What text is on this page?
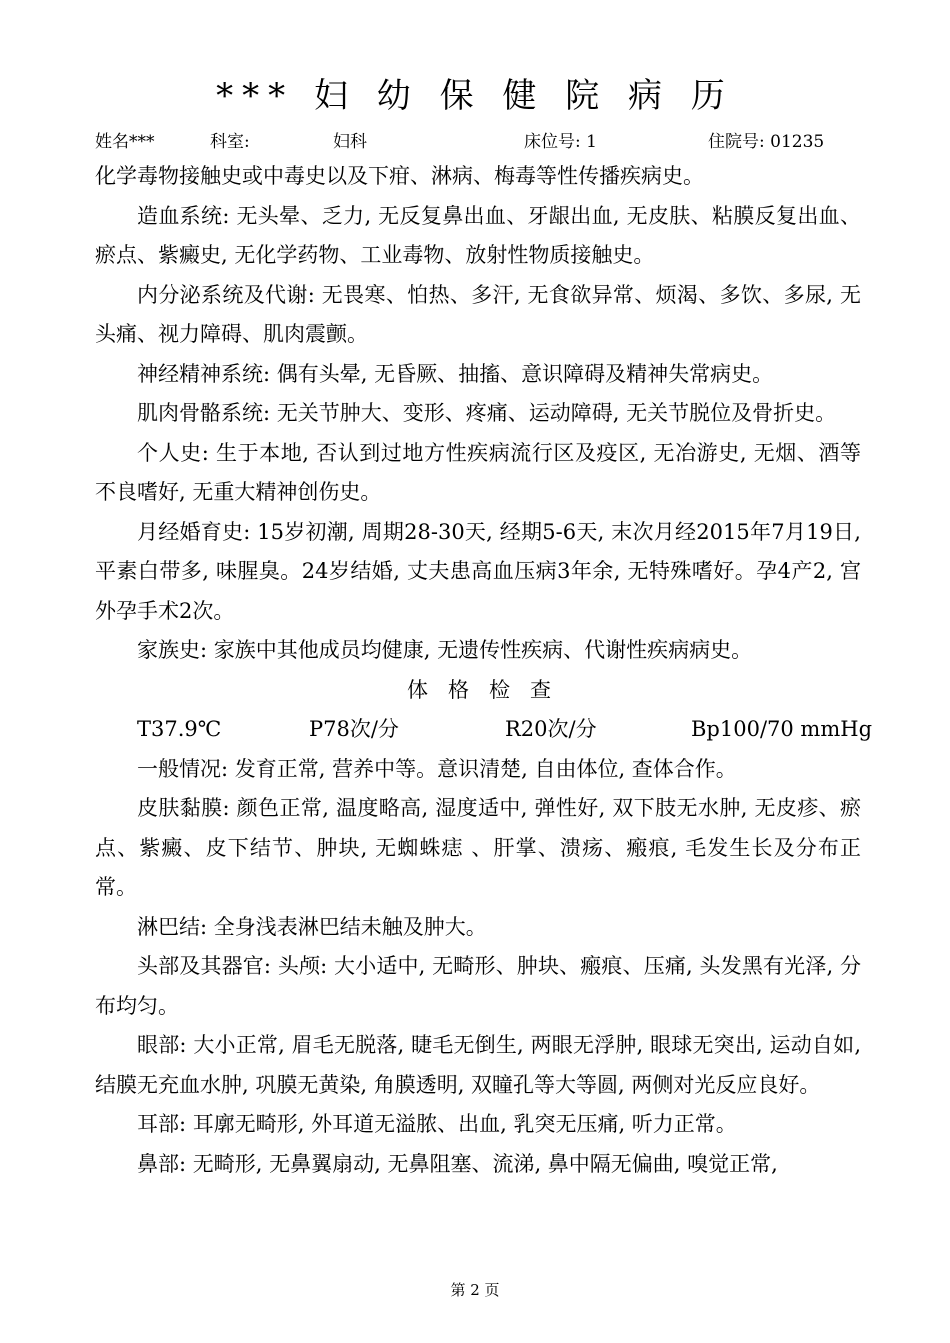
*** 妇 幼 保 健 院 病 历
姓名***	科室:	妇科	床位号: 1	住院号: 01235

化学毒物接触史或中毒史以及下疳、淋病、梅毒等性传播疾病史。

造血系统: 无头晕、乏力, 无反复鼻出血、牙龈出血, 无皮肤、粘膜反复出血、瘀点、紫癜史, 无化学药物、工业毒物、放射性物质接触史。

内分泌系统及代谢: 无畏寒、怕热、多汗, 无食欲异常、烦渴、多饮、多尿, 无头痛、视力障碍、肌肉震颤。

神经精神系统: 偶有头晕, 无昏厥、抽搐、意识障碍及精神失常病史。

肌肉骨骼系统: 无关节肿大、变形、疼痛、运动障碍, 无关节脱位及骨折史。

个人史: 生于本地, 否认到过地方性疾病流行区及疫区, 无冶游史, 无烟、酒等不良嗜好, 无重大精神创伤史。

月经婚育史: 15岁初潮, 周期28-30天, 经期5-6天, 末次月经2015年7月19日, 平素白带多, 味腥臭。24岁结婚, 丈夫患高血压病3年余, 无特殊嗜好。孕4产2, 宫外孕手术2次。

家族史: 家族中其他成员均健康, 无遗传性疾病、代谢性疾病病史。

体格检查

T37.9℃	P78次/分	R20次/分	Bp100/70 mmHg

一般情况: 发育正常, 营养中等。意识清楚, 自由体位, 查体合作。

皮肤黏膜: 颜色正常, 温度略高, 湿度适中, 弹性好, 双下肢无水肿, 无皮疹、瘀点、紫癜、皮下结节、肿块, 无蜘蛛痣 、肝掌、溃疡、瘢痕, 毛发生长及分布正常。

淋巴结: 全身浅表淋巴结未触及肿大。

头部及其器官: 头颅: 大小适中, 无畸形、肿块、瘢痕、压痛, 头发黑有光泽, 分布均匀。

眼部: 大小正常, 眉毛无脱落, 睫毛无倒生, 两眼无浮肿, 眼球无突出, 运动自如, 结膜无充血水肿, 巩膜无黄染, 角膜透明, 双瞳孔等大等圆, 两侧对光反应良好。

耳部: 耳廓无畸形, 外耳道无溢脓、出血, 乳突无压痛, 听力正常。

鼻部: 无畸形, 无鼻翼扇动, 无鼻阻塞、流涕, 鼻中隔无偏曲, 嗅觉正常,

第 2 页
